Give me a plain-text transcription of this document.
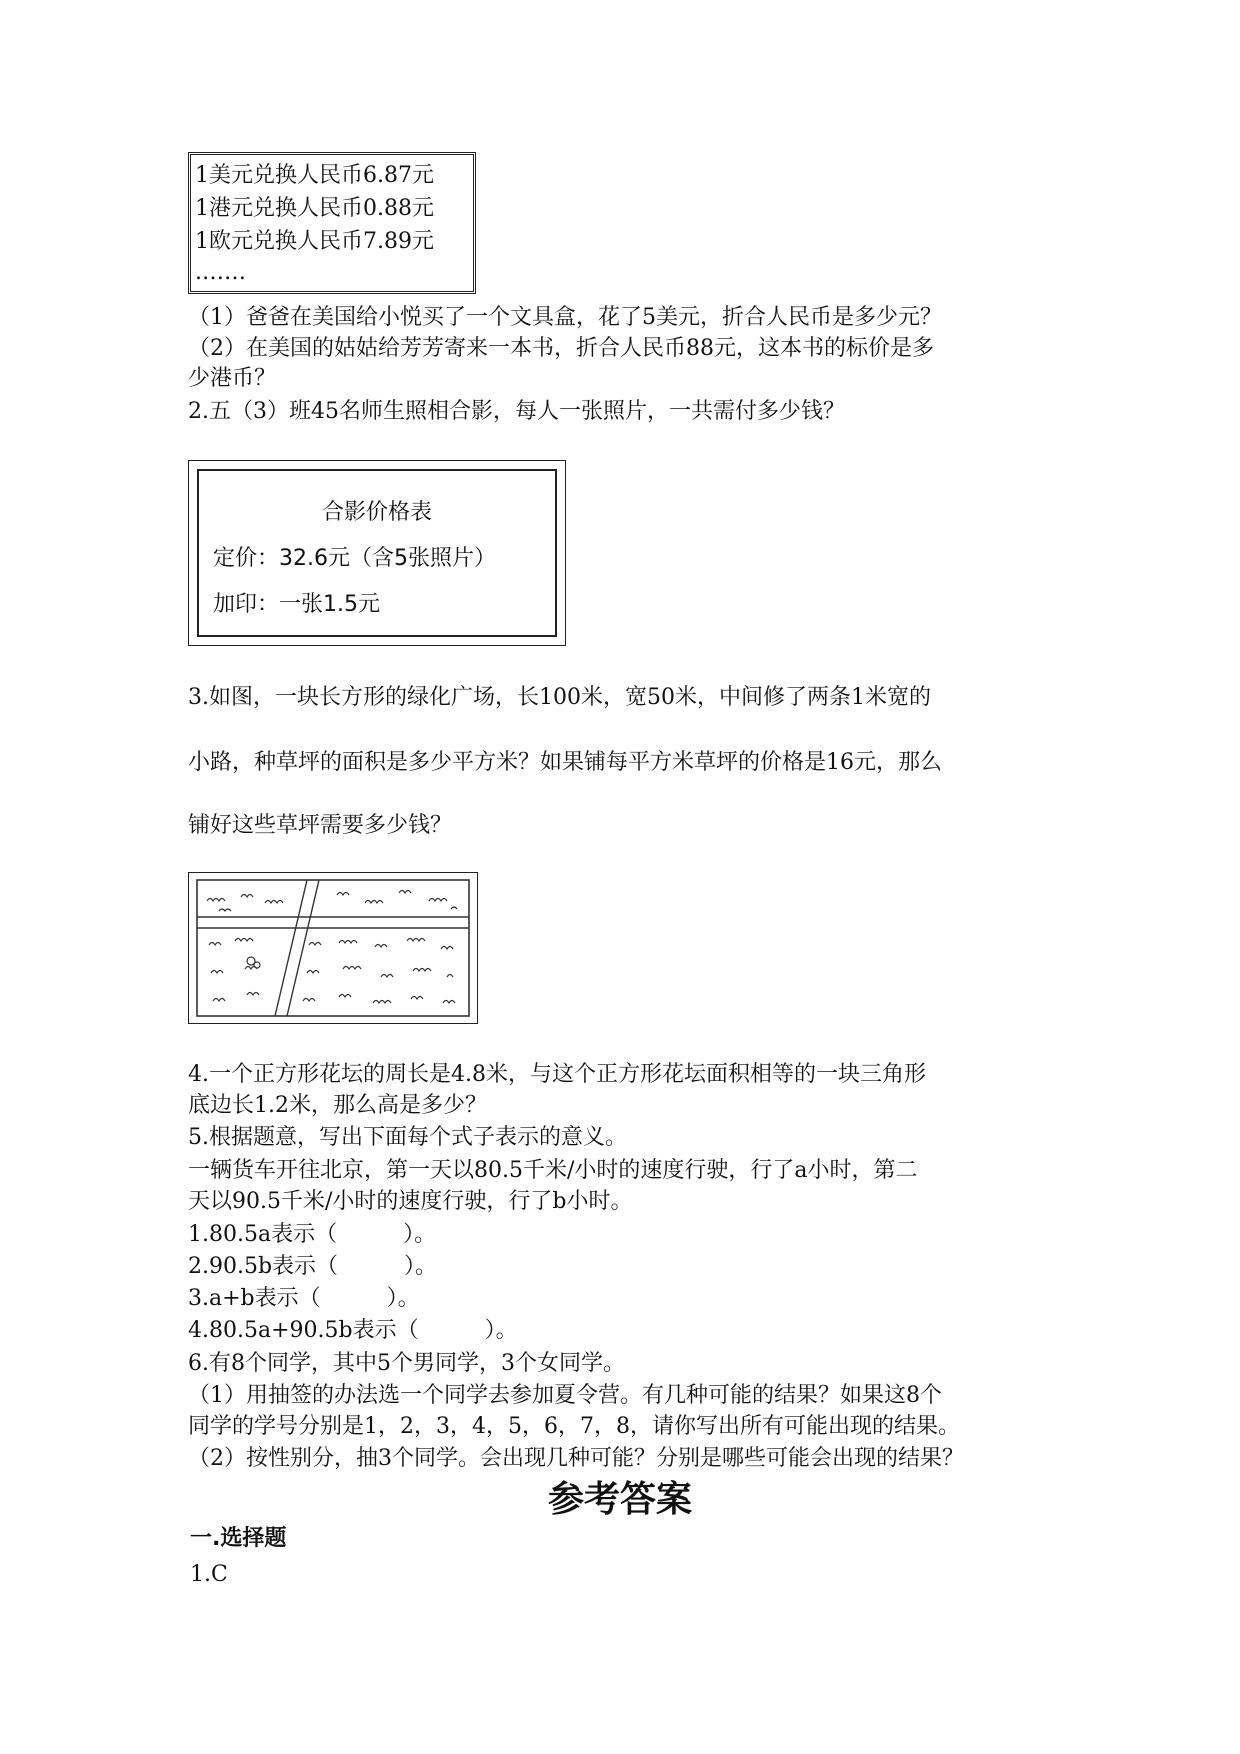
1美元兑换人民币6.87元
1港元兑换人民币0.88元
1欧元兑换人民币7.89元
.……
（1）爸爸在美国给小悦买了一个文具盒，花了5美元，折合人民币是多少元？
（2）在美国的姑姑给芳芳寄来一本书，折合人民币88元，这本书的标价是多
少港币？
2.五（3）班45名师生照相合影，每人一张照片，一共需付多少钱？
合影价格表
定价：32.6元（含5张照片）
加印：一张1.5元
3.如图，一块长方形的绿化广场，长100米，宽50米，中间修了两条1米宽的
小路，种草坪的面积是多少平方米？如果铺每平方米草坪的价格是16元，那么
铺好这些草坪需要多少钱？
4.一个正方形花坛的周长是4.8米，与这个正方形花坛面积相等的一块三角形
底边长1.2米，那么高是多少？
5.根据题意，写出下面每个式子表示的意义。
一辆货车开往北京，第一天以80.5千米/小时的速度行驶，行了a小时，第二
天以90.5千米/小时的速度行驶，行了b小时。
1.80.5a表示（　　　）。
2.90.5b表示（　　　）。
3.a+b表示（　　　）。
4.80.5a+90.5b表示（　　　）。
6.有8个同学，其中5个男同学，3个女同学。
（1）用抽签的办法选一个同学去参加夏令营。有几种可能的结果？如果这8个
同学的学号分别是1，2，3，4，5，6，7，8，请你写出所有可能出现的结果。
（2）按性别分，抽3个同学。会出现几种可能？分别是哪些可能会出现的结果？
参考答案
一.选择题
1.C
